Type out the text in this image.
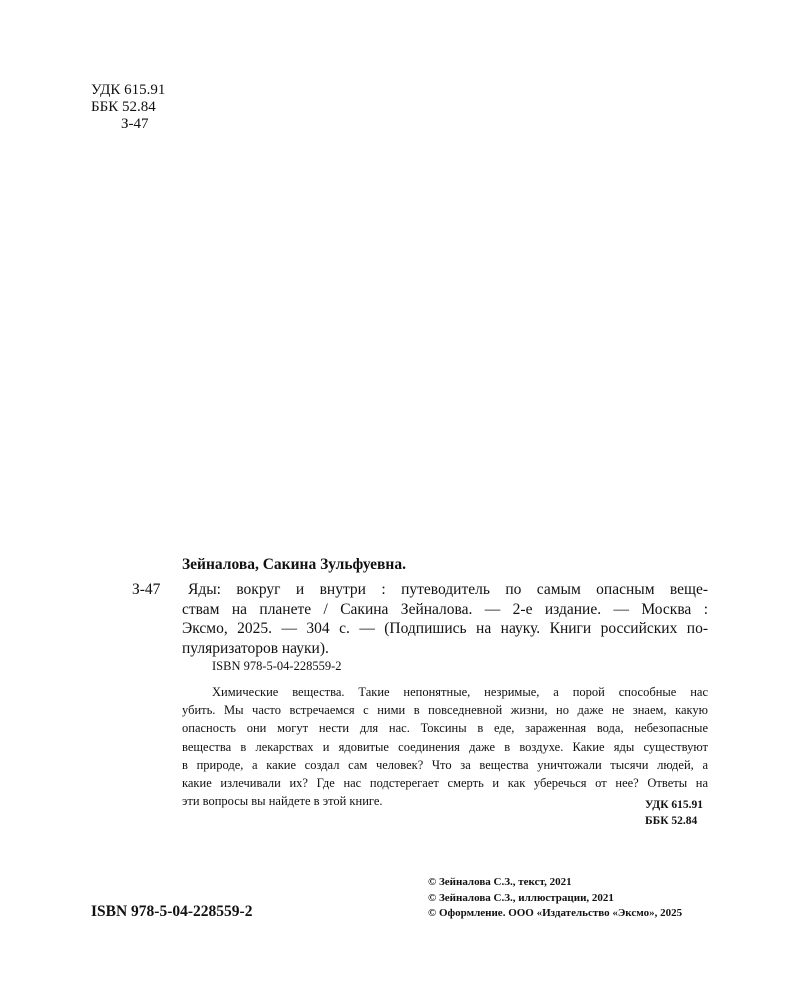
УДК 615.91
ББК 52.84
З-47
Зейналова, Сакина Зульфуевна.
З-47	Яды: вокруг и внутри : путеводитель по самым опасным веще-
ствам на планете / Сакина Зейналова. — 2-е издание. — Москва :
Эксмо, 2025. — 304 с. — (Подпишись на науку. Книги российских по-
пуляризаторов науки).
ISBN 978-5-04-228559-2
Химические вещества. Такие непонятные, незримые, а порой способные нас
убить. Мы часто встречаемся с ними в повседневной жизни, но даже не знаем, какую
опасность они могут нести для нас. Токсины в еде, зараженная вода, небезопасные
вещества в лекарствах и ядовитые соединения даже в воздухе. Какие яды существуют
в природе, а какие создал сам человек? Что за вещества уничтожали тысячи людей, а
какие излечивали их? Где нас подстерегает смерть и как уберечься от нее? Ответы на
эти вопросы вы найдете в этой книге.	УДК 615.91
ББК 52.84
ISBN 978-5-04-228559-2
© Зейналова С.З., текст, 2021
© Зейналова С.З., иллюстрации, 2021
© Оформление. ООО «Издательство «Эксмо», 2025
